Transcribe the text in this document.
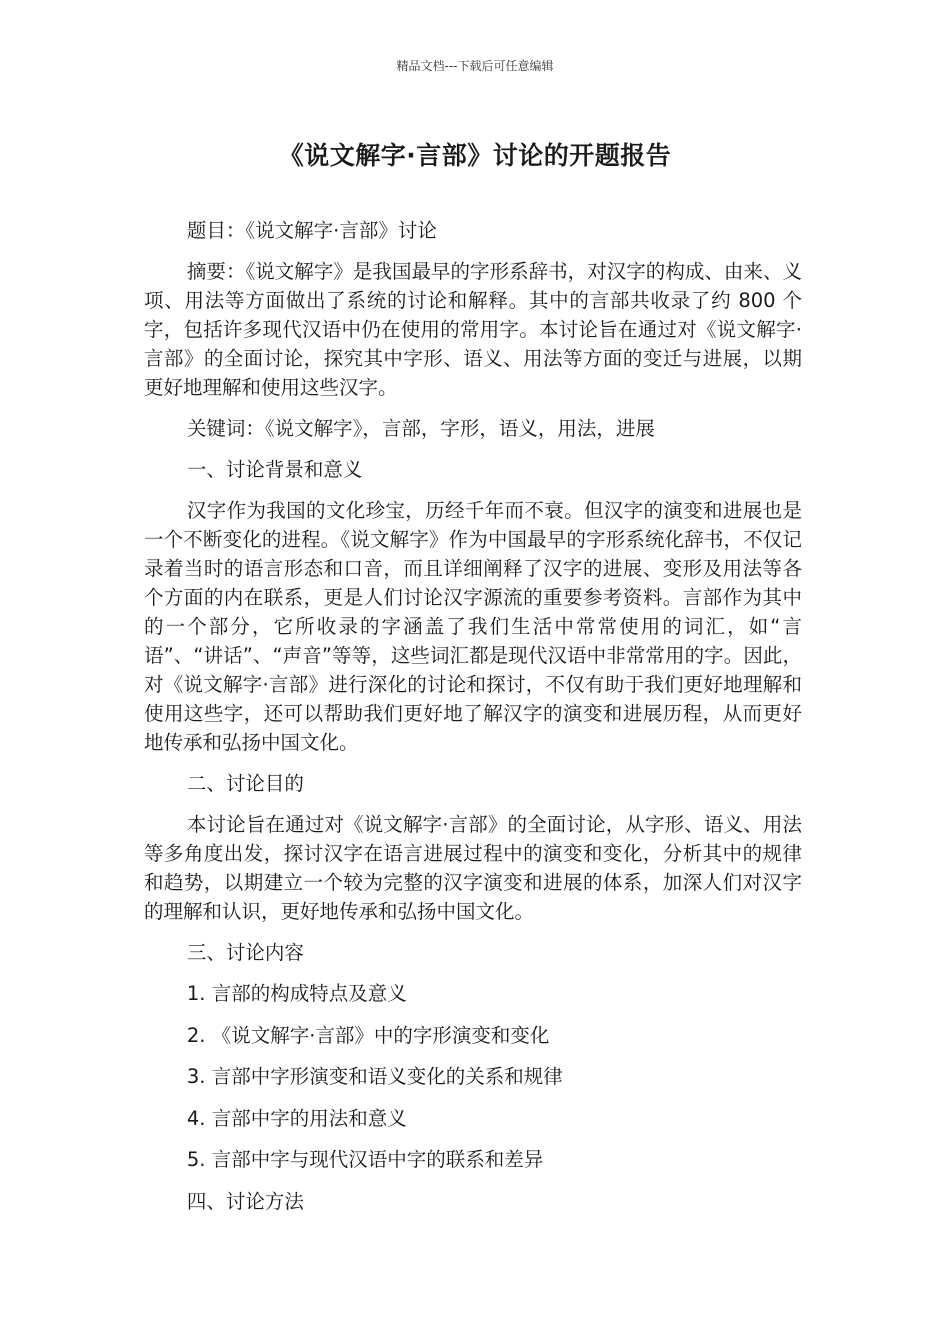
精品文档---下载后可任意编辑
《说文解字·言部》讨论的开题报告

题目：《说文解字·言部》讨论

摘要：《说文解字》是我国最早的字形系辞书，对汉字的构成、由来、义项、用法等方面做出了系统的讨论和解释。其中的言部共收录了约 800 个字，包括许多现代汉语中仍在使用的常用字。本讨论旨在通过对《说文解字·言部》的全面讨论，探究其中字形、语义、用法等方面的变迁与进展，以期更好地理解和使用这些汉字。

关键词：《说文解字》，言部，字形，语义，用法，进展

一、讨论背景和意义

汉字作为我国的文化珍宝，历经千年而不衰。但汉字的演变和进展也是一个不断变化的进程。《说文解字》作为中国最早的字形系统化辞书，不仅记录着当时的语言形态和口音，而且详细阐释了汉字的进展、变形及用法等各个方面的内在联系，更是人们讨论汉字源流的重要参考资料。言部作为其中的一个部分，它所收录的字涵盖了我们生活中常常使用的词汇，如“言语”、“讲话”、“声音”等等，这些词汇都是现代汉语中非常常用的字。因此，对《说文解字·言部》进行深化的讨论和探讨，不仅有助于我们更好地理解和使用这些字，还可以帮助我们更好地了解汉字的演变和进展历程，从而更好地传承和弘扬中国文化。

二、讨论目的

本讨论旨在通过对《说文解字·言部》的全面讨论，从字形、语义、用法等多角度出发，探讨汉字在语言进展过程中的演变和变化，分析其中的规律和趋势，以期建立一个较为完整的汉字演变和进展的体系，加深人们对汉字的理解和认识，更好地传承和弘扬中国文化。

三、讨论内容

1. 言部的构成特点及意义

2. 《说文解字·言部》中的字形演变和变化

3. 言部中字形演变和语义变化的关系和规律

4. 言部中字的用法和意义

5. 言部中字与现代汉语中字的联系和差异

四、讨论方法
